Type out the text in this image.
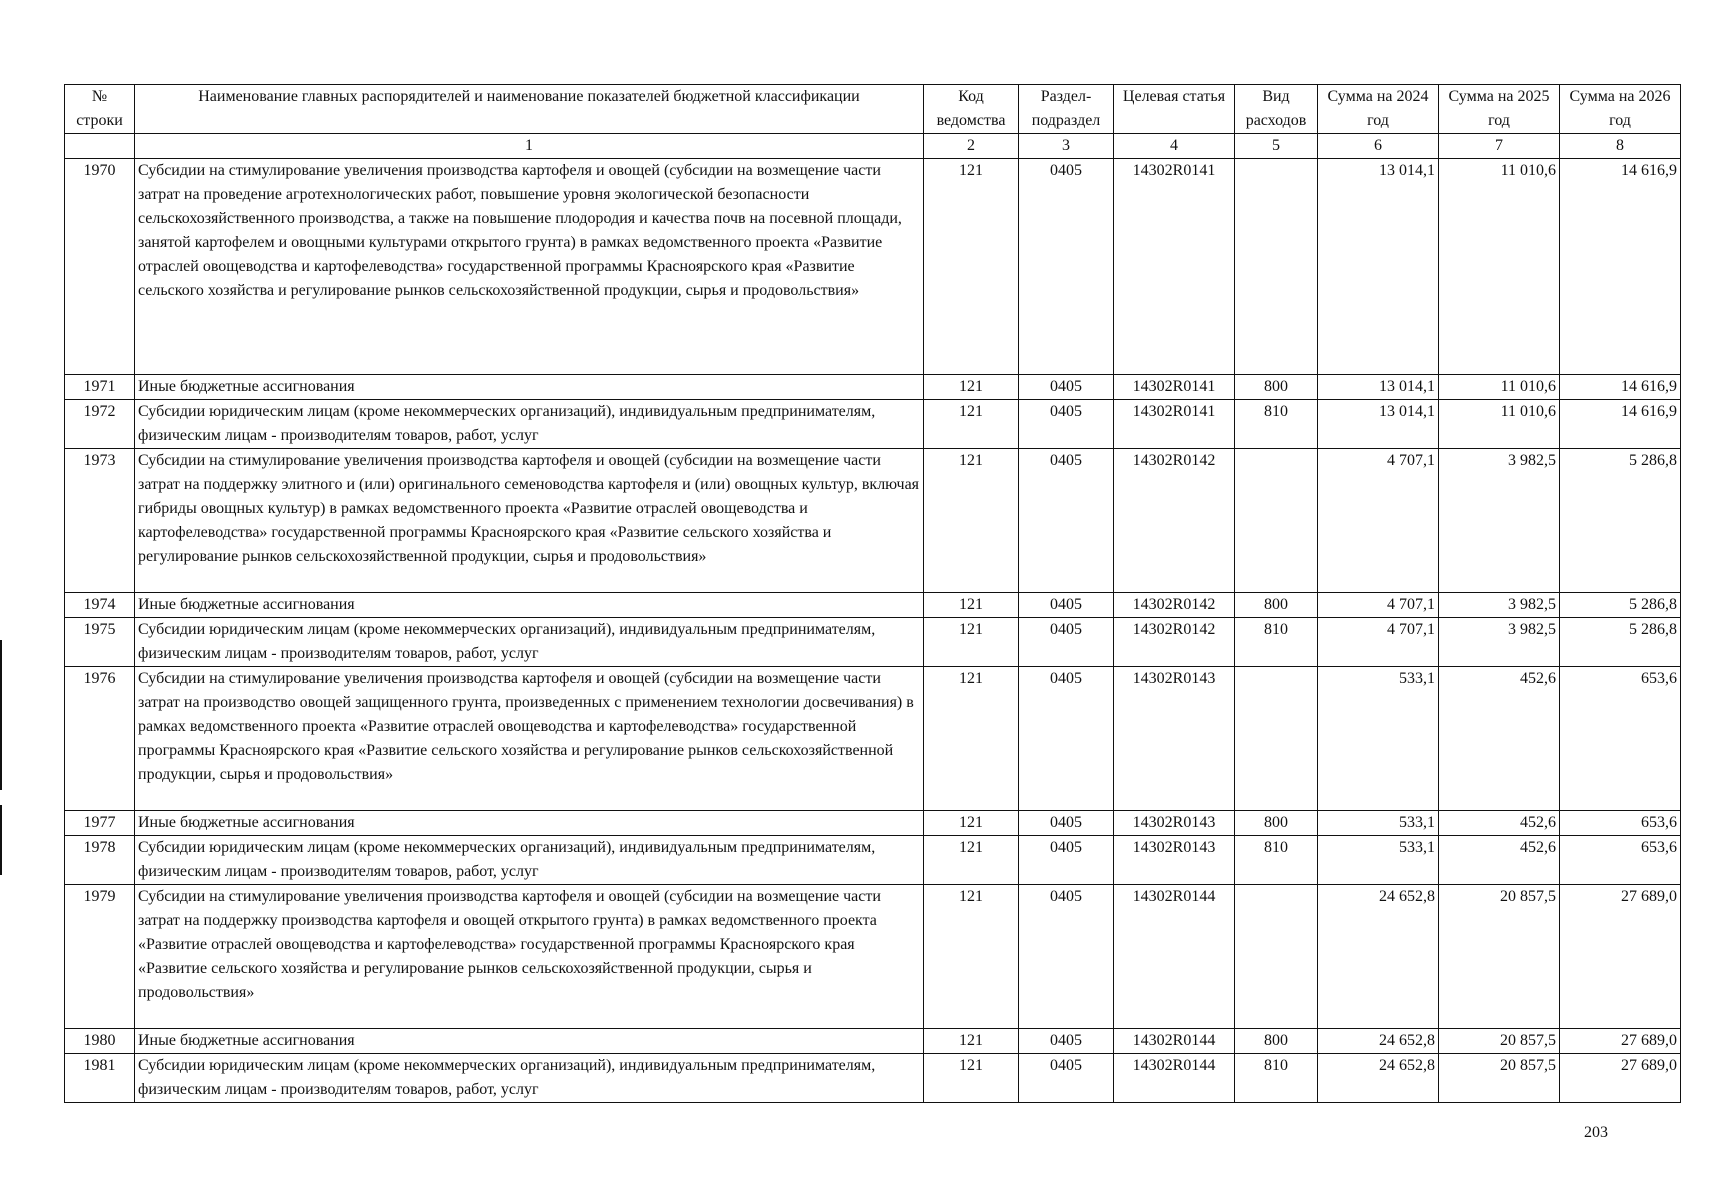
№ строки	Наименование главных распорядителей и наименование показателей бюджетной классификации	Код ведомства	Раздел-подраздел	Целевая статья	Вид расходов	Сумма на 2024 год	Сумма на 2025 год	Сумма на 2026 год
	1	2	3	4	5	6	7	8
1970	Субсидии на стимулирование увеличения производства картофеля и овощей (субсидии на возмещение части затрат на проведение агротехнологических работ, повышение уровня экологической безопасности сельскохозяйственного производства, а также на повышение плодородия и качества почв на посевной площади, занятой картофелем и овощными культурами открытого грунта) в рамках ведомственного проекта «Развитие отраслей овощеводства и картофелеводства» государственной программы Красноярского края «Развитие сельского хозяйства и регулирование рынков сельскохозяйственной продукции, сырья и продовольствия»	121	0405	14302R0141		13 014,1	11 010,6	14 616,9
1971	Иные бюджетные ассигнования	121	0405	14302R0141	800	13 014,1	11 010,6	14 616,9
1972	Субсидии юридическим лицам (кроме некоммерческих организаций), индивидуальным предпринимателям, физическим лицам - производителям товаров, работ, услуг	121	0405	14302R0141	810	13 014,1	11 010,6	14 616,9
1973	Субсидии на стимулирование увеличения производства картофеля и овощей (субсидии на возмещение части затрат на поддержку элитного и (или) оригинального семеноводства картофеля и (или) овощных культур, включая гибриды овощных культур) в рамках ведомственного проекта «Развитие отраслей овощеводства и картофелеводства» государственной программы Красноярского края «Развитие сельского хозяйства и регулирование рынков сельскохозяйственной продукции, сырья и продовольствия»	121	0405	14302R0142		4 707,1	3 982,5	5 286,8
1974	Иные бюджетные ассигнования	121	0405	14302R0142	800	4 707,1	3 982,5	5 286,8
1975	Субсидии юридическим лицам (кроме некоммерческих организаций), индивидуальным предпринимателям, физическим лицам - производителям товаров, работ, услуг	121	0405	14302R0142	810	4 707,1	3 982,5	5 286,8
1976	Субсидии на стимулирование увеличения производства картофеля и овощей (субсидии на возмещение части затрат на производство овощей защищенного грунта, произведенных с применением технологии досвечивания) в рамках ведомственного проекта «Развитие отраслей овощеводства и картофелеводства» государственной программы Красноярского края «Развитие сельского хозяйства и регулирование рынков сельскохозяйственной продукции, сырья и продовольствия»	121	0405	14302R0143		533,1	452,6	653,6
1977	Иные бюджетные ассигнования	121	0405	14302R0143	800	533,1	452,6	653,6
1978	Субсидии юридическим лицам (кроме некоммерческих организаций), индивидуальным предпринимателям, физическим лицам - производителям товаров, работ, услуг	121	0405	14302R0143	810	533,1	452,6	653,6
1979	Субсидии на стимулирование увеличения производства картофеля и овощей (субсидии на возмещение части затрат на поддержку производства картофеля и овощей открытого грунта) в рамках ведомственного проекта «Развитие отраслей овощеводства и картофелеводства» государственной программы Красноярского края «Развитие сельского хозяйства и регулирование рынков сельскохозяйственной продукции, сырья и продовольствия»	121	0405	14302R0144		24 652,8	20 857,5	27 689,0
1980	Иные бюджетные ассигнования	121	0405	14302R0144	800	24 652,8	20 857,5	27 689,0
1981	Субсидии юридическим лицам (кроме некоммерческих организаций), индивидуальным предпринимателям, физическим лицам - производителям товаров, работ, услуг	121	0405	14302R0144	810	24 652,8	20 857,5	27 689,0
203
